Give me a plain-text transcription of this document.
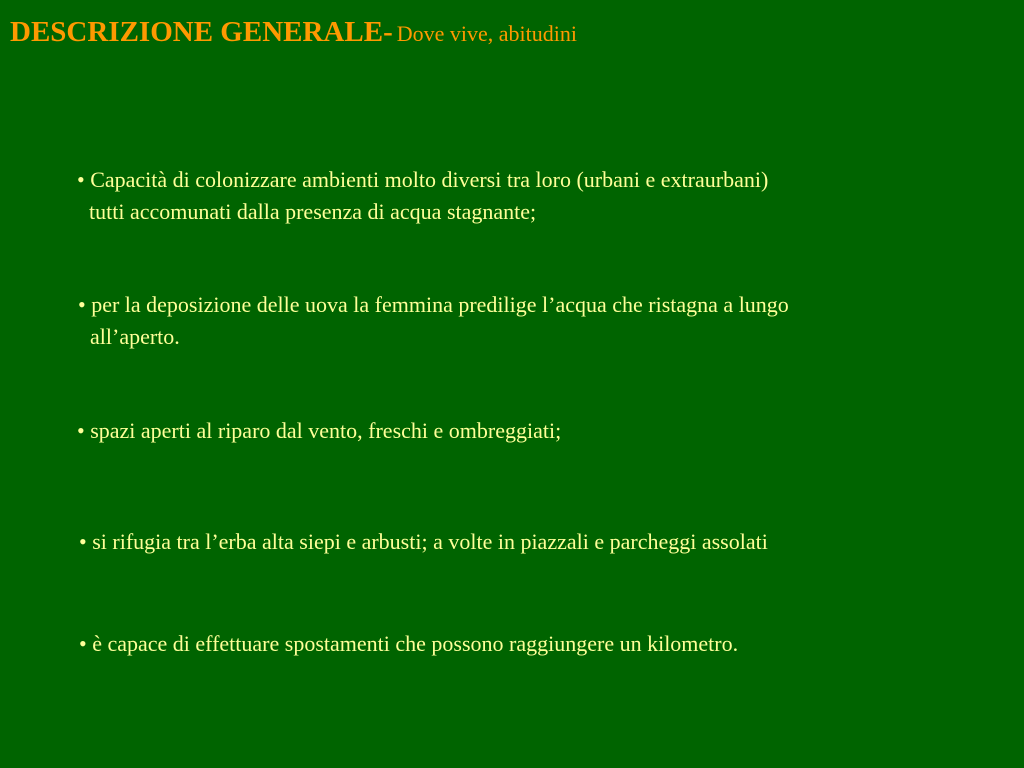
DESCRIZIONE GENERALE- Dove vive, abitudini
• Capacità di colonizzare ambienti molto diversi tra loro (urbani e extraurbani)
tutti accomunati dalla presenza di acqua stagnante;
• per la deposizione delle uova la femmina predilige l’acqua che ristagna a lungo
all’aperto.
• spazi aperti al riparo dal vento, freschi e ombreggiati;
• si rifugia tra l’erba alta siepi e arbusti; a volte in piazzali e parcheggi assolati
• è capace di effettuare spostamenti che possono raggiungere un kilometro.
